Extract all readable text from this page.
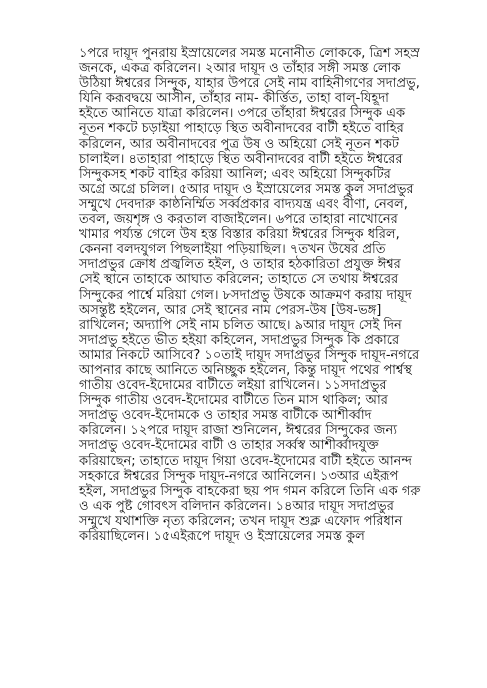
১পরে দায়ূদ পুনরায় ইস্রায়েলের সমস্ত মনোনীত লোককে, ত্রিশ সহস্র জনকে, একত্র করিলেন। ২আর দায়ূদ ও তাঁহার সঙ্গী সমস্ত লোক উঠিয়া ঈশ্বরের সিন্দুক, যাহার উপরে সেই নাম বাহিনীগণের সদাপ্রভু, যিনি করূবদ্বয়ে আসীন, তাঁহার নাম- কীর্ত্তিত, তাহা বাল্-যিহূদা হইতে আনিতে যাত্রা করিলেন। ৩পরে তাঁহারা ঈশ্বরের সিন্দুক এক নূতন শকটে চড়াইয়া পাহাড়ে স্থিত অবীনাদবের বাটী হইতে বাহির করিলেন, আর অবীনাদবের পুত্র উষ ও অহিয়ো সেই নূতন শকট চালাইল। ৪তাহারা পাহাড়ে স্থিত অবীনাদবের বাটী হইতে ঈশ্বরের সিন্দুকসহ শকট বাহির করিয়া আনিল; এবং অহিয়ো সিন্দুকটির অগ্রে অগ্রে চলিল। ৫আর দায়ূদ ও ইস্রায়েলের সমস্ত কুল সদাপ্রভুর সম্মুখে দেবদারু কাষ্ঠনির্ম্মিত সর্ব্বপ্রকার বাদ্যযন্ত্র এবং বীণা, নেবল, তবল, জয়শৃঙ্গ ও করতাল বাজাইলেন। ৬পরে তাহারা নাখোনের খামার পর্য্যন্ত গেলে উষ হস্ত বিস্তার করিয়া ঈশ্বরের সিন্দুক ধরিল, কেননা বলদযুগল পিছলাইয়া পড়িয়াছিল। ৭তখন উষের প্রতি সদাপ্রভুর ক্রোধ প্রজ্বলিত হইল, ও তাহার হঠকারিতা প্রযুক্ত ঈশ্বর সেই স্থানে তাহাকে আঘাত করিলেন; তাহাতে সে তথায় ঈশ্বরের সিন্দুকের পার্শ্বে মরিয়া গেল। ৮সদাপ্রভু উষকে আক্রমণ করায় দায়ূদ অসন্তুষ্ট হইলেন, আর সেই স্থানের নাম পেরস-উষ [উষ-ভঙ্গ] রাখিলেন; অদ্যাপি সেই নাম চলিত আছে। ৯আর দায়ূদ সেই দিন সদাপ্রভু হইতে ভীত হইয়া কহিলেন, সদাপ্রভুর সিন্দুক কি প্রকারে আমার নিকটে আসিবে? ১০তাই দায়ূদ সদাপ্রভুর সিন্দুক দায়ূদ-নগরে আপনার কাছে আনিতে অনিচ্ছুক হইলেন, কিন্তু দায়ূদ পথের পার্শ্বস্থ গাতীয় ওবেদ-ইদোমের বাটীতে লইয়া রাখিলেন। ১১সদাপ্রভুর সিন্দুক গাতীয় ওবেদ-ইদোমের বাটীতে তিন মাস থাকিল; আর সদাপ্রভু ওবেদ-ইদোমকে ও তাহার সমস্ত বাটীকে আশীর্ব্বাদ করিলেন। ১২পরে দায়ূদ রাজা শুনিলেন, ঈশ্বরের সিন্দুকের জন্য সদাপ্রভু ওবেদ-ইদোমের বাটী ও তাহার সর্ব্বস্ব আশীর্ব্বাদযুক্ত করিয়াছেন; তাহাতে দায়ূদ গিয়া ওবেদ-ইদোমের বাটী হইতে আনন্দ সহকারে ঈশ্বরের সিন্দুক দায়ূদ-নগরে আনিলেন। ১৩আর এইরূপ হইল, সদাপ্রভুর সিন্দুক বাহকেরা ছয় পদ গমন করিলে তিনি এক গরু ও এক পুষ্ট গোবৎস বলিদান করিলেন। ১৪আর দায়ূদ সদাপ্রভুর সম্মুখে যথাশক্তি নৃত্য করিলেন; তখন দায়ূদ শুক্ল এফোদ পরিধান করিয়াছিলেন। ১৫এইরূপে দায়ূদ ও ইস্রায়েলের সমস্ত কুল
